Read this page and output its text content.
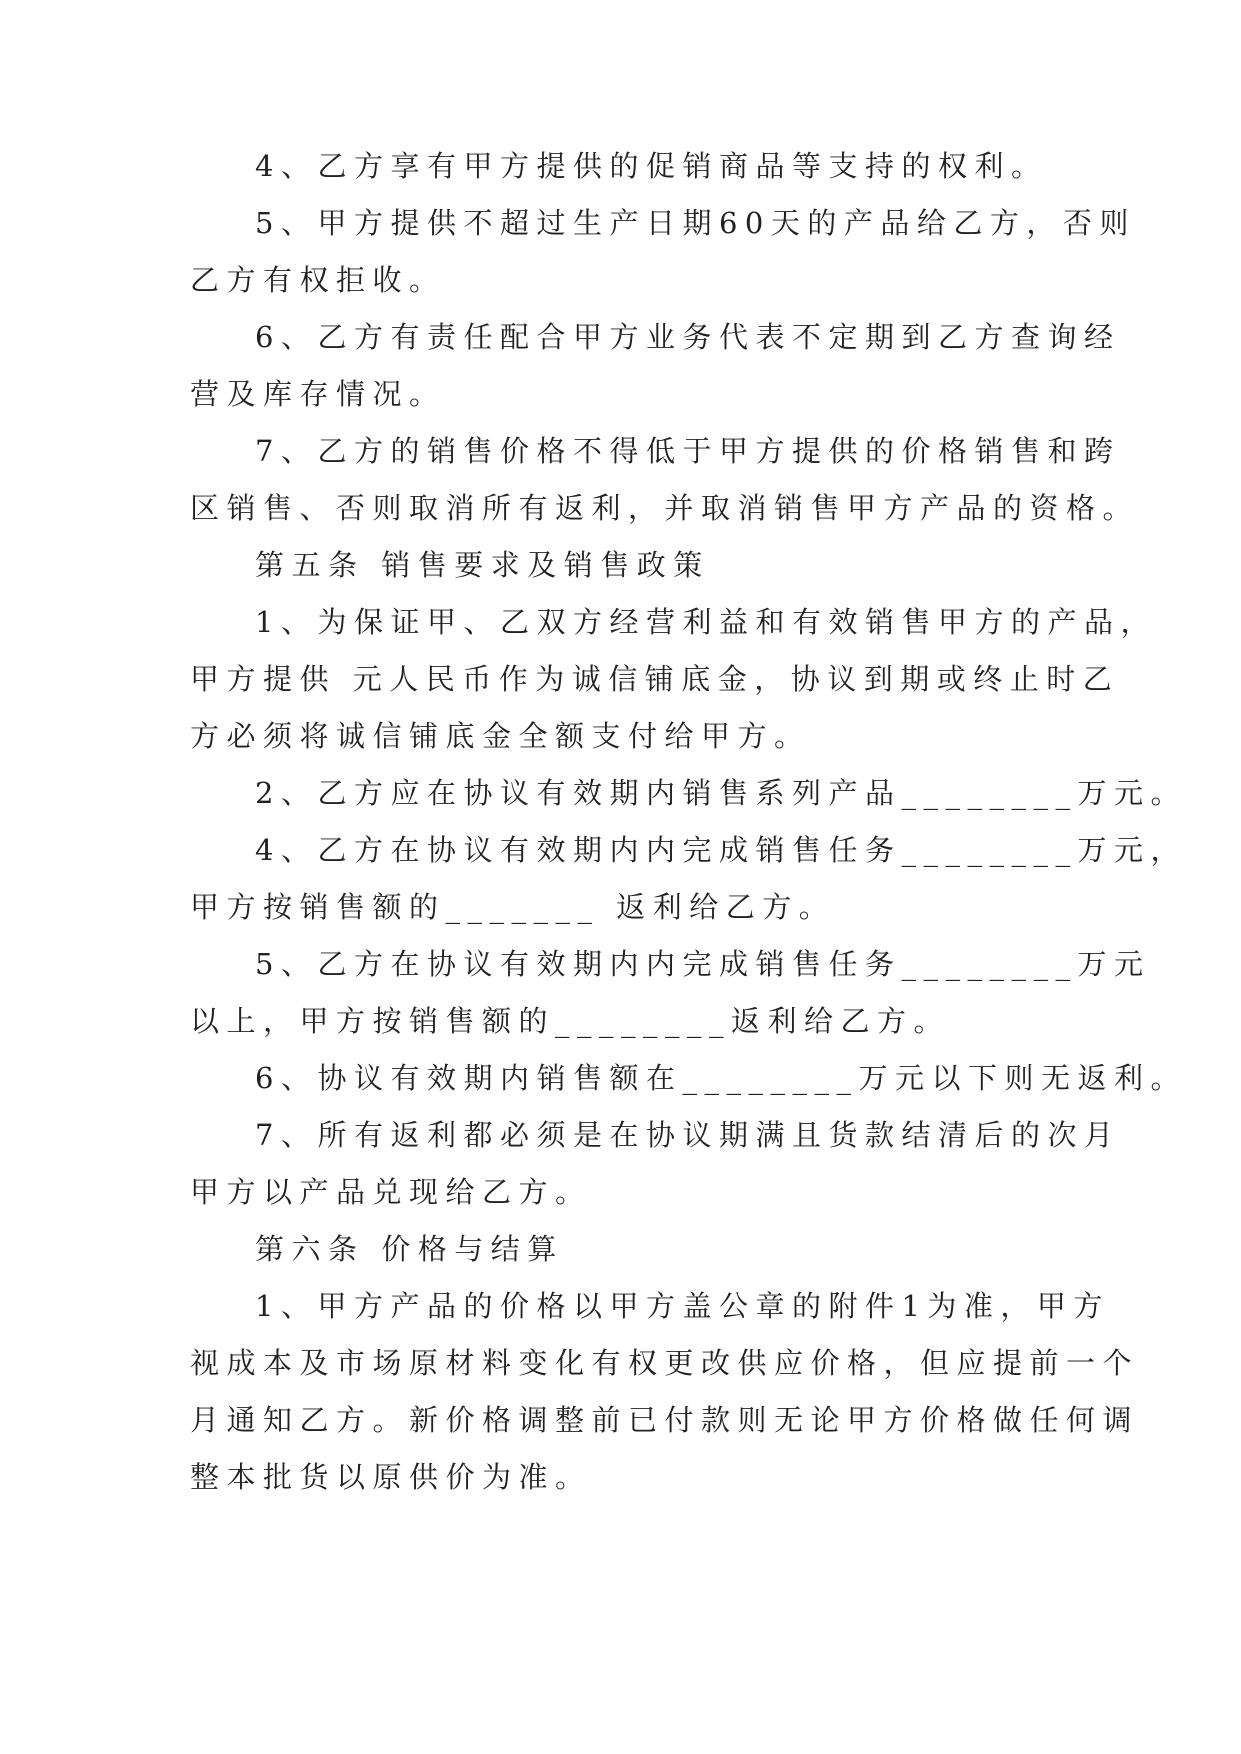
4、乙方享有甲方提供的促销商品等支持的权利。
5、甲方提供不超过生产日期60天的产品给乙方，否则
乙方有权拒收。
6、乙方有责任配合甲方业务代表不定期到乙方查询经
营及库存情况。
7、乙方的销售价格不得低于甲方提供的价格销售和跨
区销售、否则取消所有返利，并取消销售甲方产品的资格。
第五条 销售要求及销售政策
1、为保证甲、乙双方经营利益和有效销售甲方的产品，
甲方提供 元人民币作为诚信铺底金，协议到期或终止时乙
方必须将诚信铺底金全额支付给甲方。
2、乙方应在协议有效期内销售系列产品________万元。
4、乙方在协议有效期内内完成销售任务________万元，
甲方按销售额的_______ 返利给乙方。
5、乙方在协议有效期内内完成销售任务________万元
以上，甲方按销售额的________返利给乙方。
6、协议有效期内销售额在________万元以下则无返利。
7、所有返利都必须是在协议期满且货款结清后的次月
甲方以产品兑现给乙方。
第六条 价格与结算
1、甲方产品的价格以甲方盖公章的附件1为准，甲方
视成本及市场原材料变化有权更改供应价格，但应提前一个
月通知乙方。新价格调整前已付款则无论甲方价格做任何调
整本批货以原供价为准。
